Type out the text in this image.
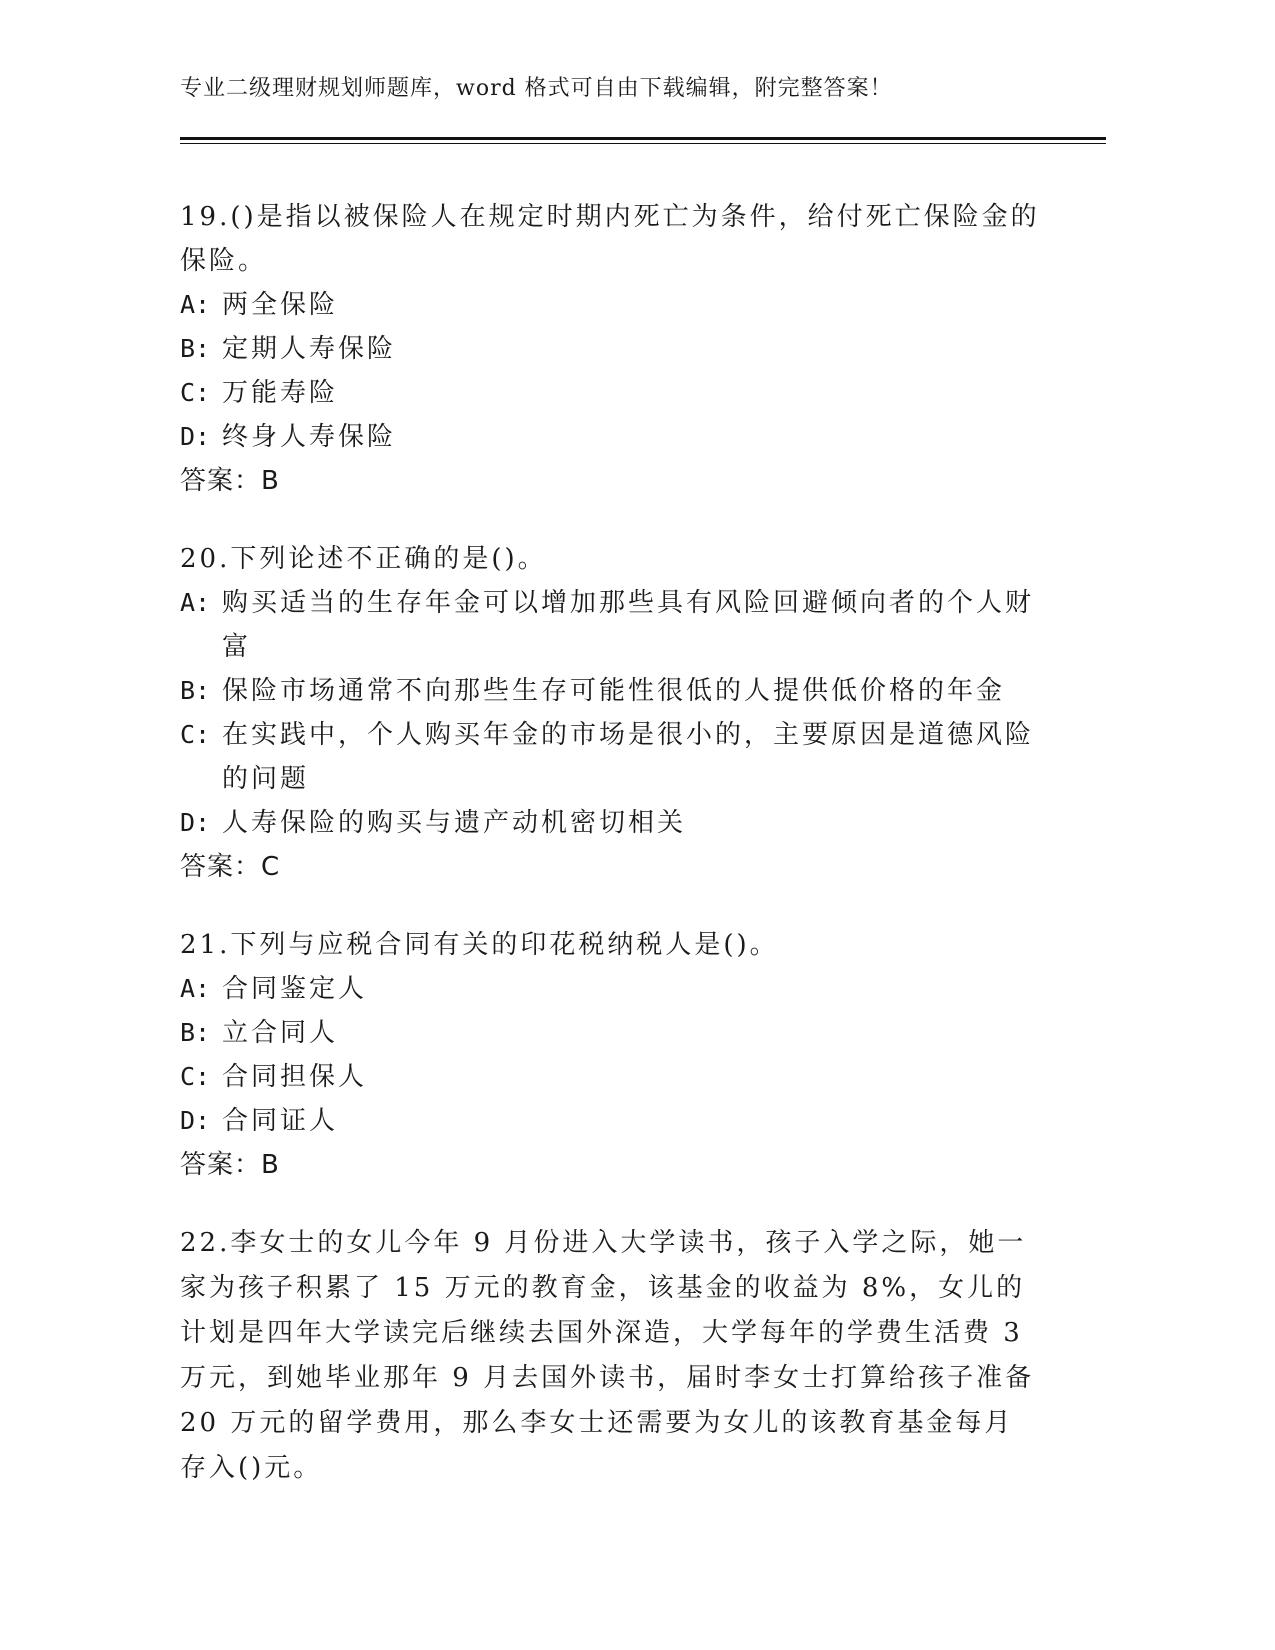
专业二级理财规划师题库，word 格式可自由下载编辑，附完整答案！

19.()是指以被保险人在规定时期内死亡为条件，给付死亡保险金的保险。

A: 两全保险
B: 定期人寿保险
C: 万能寿险
D: 终身人寿保险

答案：B

20.下列论述不正确的是()。

A: 购买适当的生存年金可以增加那些具有风险回避倾向者的个人财富
B: 保险市场通常不向那些生存可能性很低的人提供低价格的年金
C: 在实践中，个人购买年金的市场是很小的，主要原因是道德风险的问题
D: 人寿保险的购买与遗产动机密切相关

答案：C

21.下列与应税合同有关的印花税纳税人是()。

A: 合同鉴定人
B: 立合同人
C: 合同担保人
D: 合同证人

答案：B

22.李女士的女儿今年 9 月份进入大学读书，孩子入学之际，她一家为孩子积累了 15 万元的教育金，该基金的收益为 8%，女儿的计划是四年大学读完后继续去国外深造，大学每年的学费生活费 3 万元，到她毕业那年 9 月去国外读书，届时李女士打算给孩子准备 20 万元的留学费用，那么李女士还需要为女儿的该教育基金每月存入()元。
